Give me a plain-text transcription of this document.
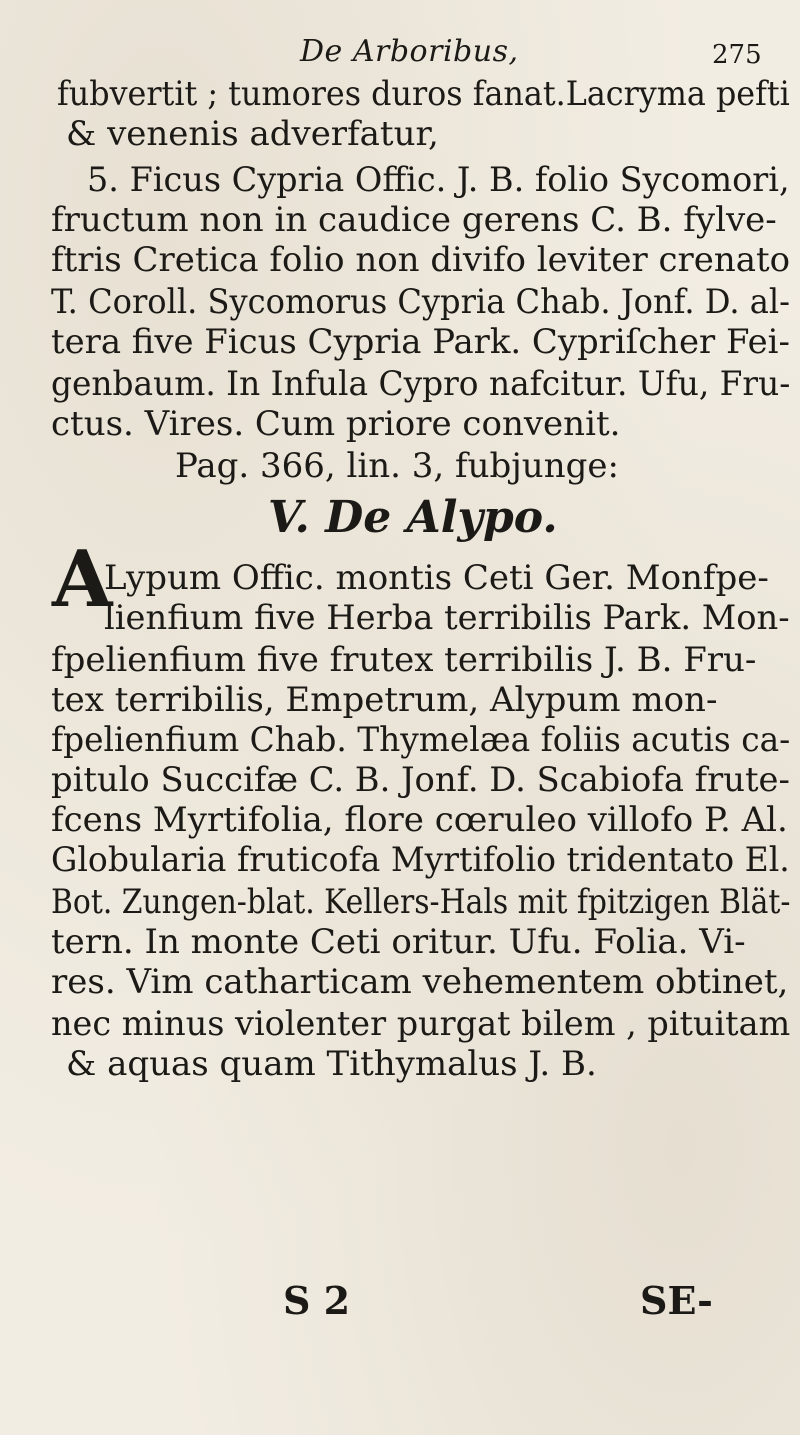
De Arboribus,	275
fubvertit ; tumores duros fanat.Lacryma pefti
& venenis adverfatur,
5. Ficus Cypria Offic. J. B. folio Sycomori,
fructum non in caudice gerens C. B. fylve-
ftris Cretica folio non divifo leviter crenato
T. Coroll. Sycomorus Cypria Chab. Jonf. D. al-
tera five Ficus Cypria Park. Cypriſcher Fei-
genbaum. In Infula Cypro nafcitur. Ufu, Fru-
ctus. Vires. Cum priore convenit.
Pag. 366, lin. 3, fubjunge:
V. De Alypo.
A
Lypum Offic. montis Ceti Ger. Monfpe-
lienfium five Herba terribilis Park. Mon-
fpelienfium five frutex terribilis J. B. Fru-
tex terribilis, Empetrum, Alypum mon-
fpelienfium Chab. Thymelæa foliis acutis ca-
pitulo Succifæ C. B. Jonf. D. Scabiofa frute-
fcens Myrtifolia, flore cœruleo villofo P. Al.
Globularia fruticofa Myrtifolio tridentato El.
Bot. Zungen-blat. Kellers-Hals mit fpitzigen Blät-
tern. In monte Ceti oritur. Ufu. Folia. Vi-
res. Vim catharticam vehementem obtinet,
nec minus violenter purgat bilem , pituitam
& aquas quam Tithymalus J. B.
S 2	SE-
